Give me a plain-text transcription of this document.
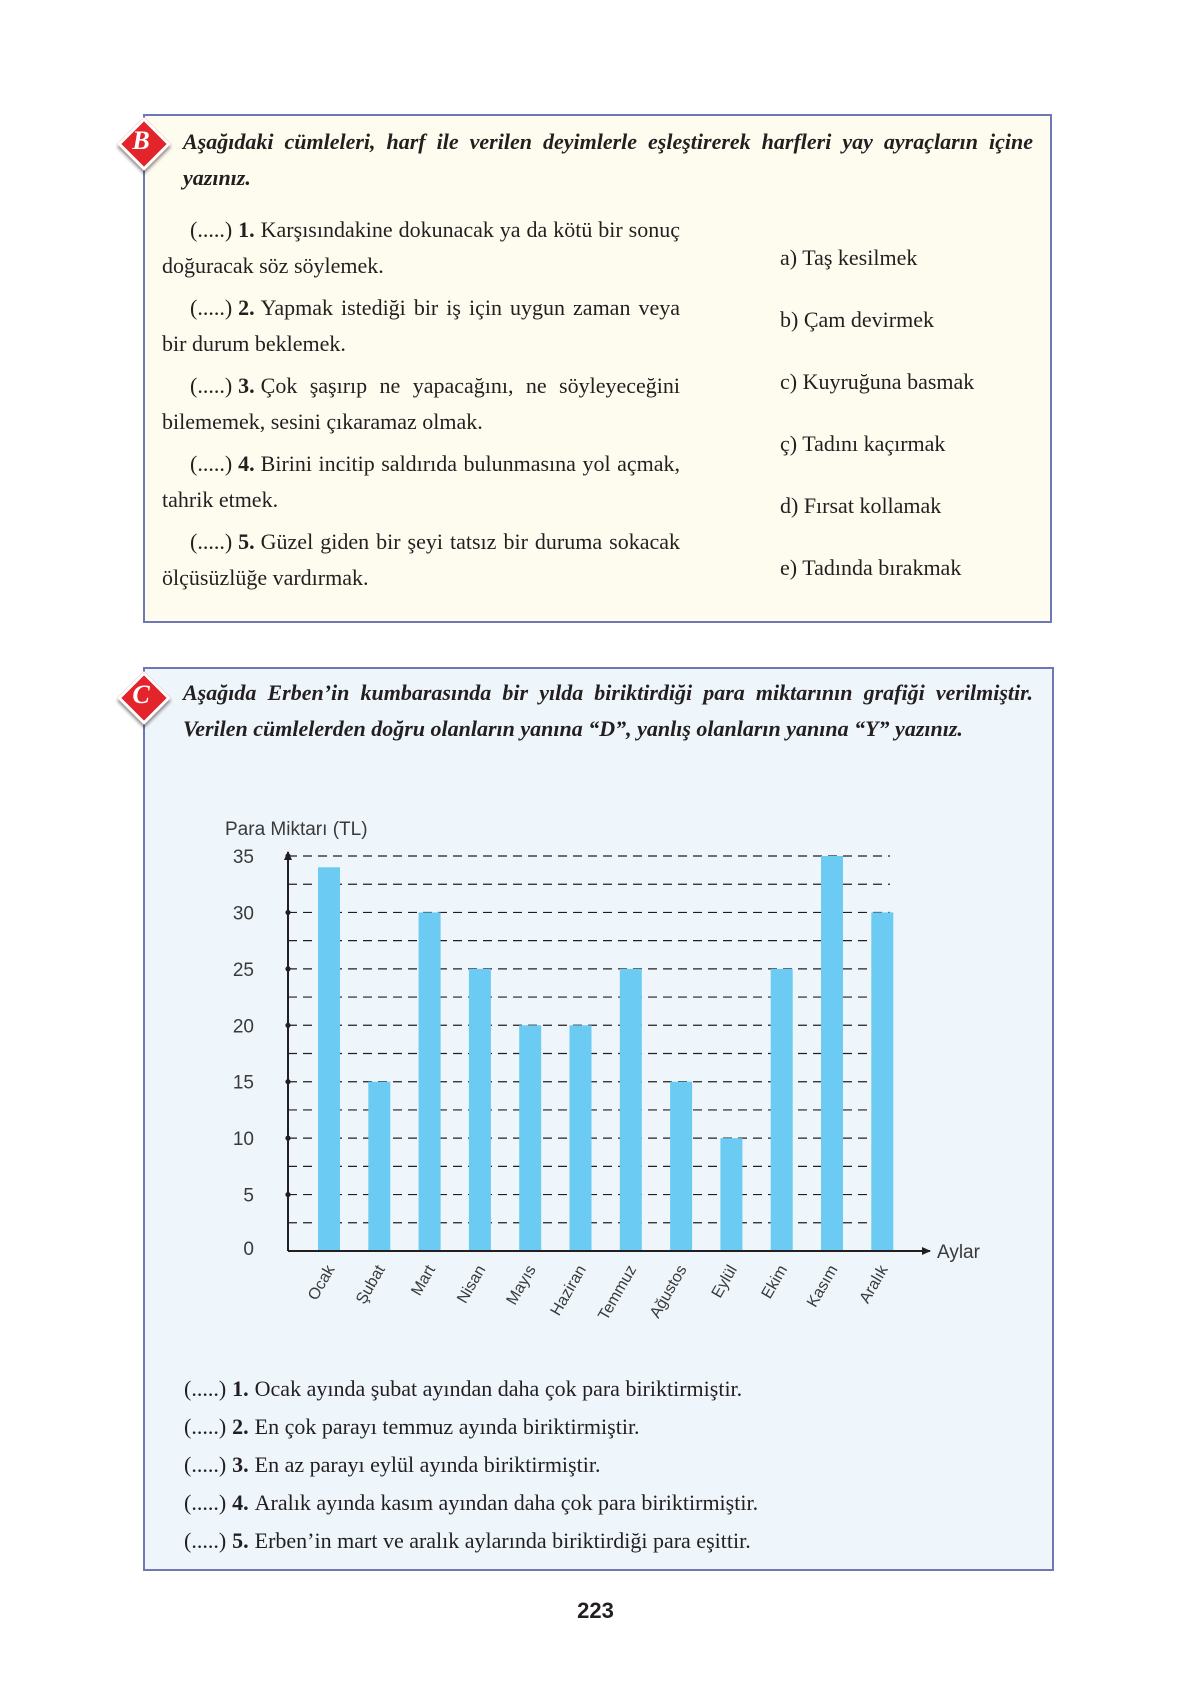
B	Aşağıdaki cümleleri, harf ile verilen deyimlerle eşleştirerek harfleri yay ayraçların içine yazınız.

(.....) 1. Karşısındakine dokunacak ya da kötü bir sonuç doğuracak söz söylemek.

(.....) 2. Yapmak istediği bir iş için uygun zaman veya bir durum beklemek.

(.....) 3. Çok şaşırıp ne yapacağını, ne söyleyeceğini bilememek, sesini çıkaramaz olmak.

(.....) 4. Birini incitip saldırıda bulunmasına yol açmak, tahrik etmek.

(.....) 5. Güzel giden bir şeyi tatsız bir duruma sokacak ölçüsüzlüğe vardırmak.

a) Taş kesilmek
b) Çam devirmek
c) Kuyruğuna basmak
ç) Tadını kaçırmak
d) Fırsat kollamak
e) Tadında bırakmak
C	Aşağıda Erben’in kumbarasında bir yılda biriktirdiği para miktarının grafiği verilmiştir. Verilen cümlelerden doğru olanların yanına “D”, yanlış olanların yanına “Y” yazınız.

Para Miktarı (TL)
0
5
10
15
20
25
30
35
Ocak Şubat Mart Nisan Mayıs Haziran Temmuz Ağustos Eylül Ekim Kasım Aralık
Aylar

(.....) 1. Ocak ayında şubat ayından daha çok para biriktirmiştir.

(.....) 2. En çok parayı temmuz ayında biriktirmiştir.

(.....) 3. En az parayı eylül ayında biriktirmiştir.

(.....) 4. Aralık ayında kasım ayından daha çok para biriktirmiştir.

(.....) 5. Erben’in mart ve aralık aylarında biriktirdiği para eşittir.

223
